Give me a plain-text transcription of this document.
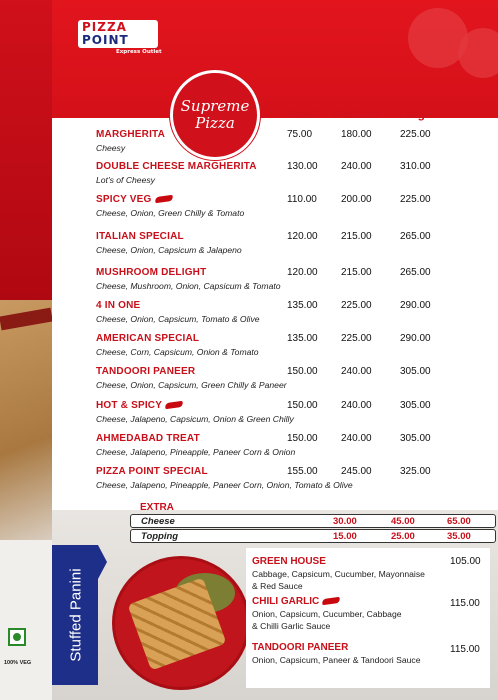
PIZZA
POINT
Express Outlet
Supreme
Pizza	Small Medium Large
MARGHERITA
Cheesy
75.00	180.00	225.00
DOUBLE CHEESE MARGHERITA
Lot's of Cheesy
130.00 240.00	310.00
SPICY VEG
Cheese, Onion, Green Chilly & Tomato
110.00 200.00	225.00
ITALIAN SPECIAL
Cheese, Onion, Capsicum & Jalapeno
120.00 215.00	265.00
MUSHROOM DELIGHT
Cheese, Mushroom, Onion, Capsicum & Tomato
120.00 215.00	265.00
4 IN ONE
Cheese, Onion, Capsicum, Tomato & Olive
135.00 225.00	290.00
AMERICAN SPECIAL
Cheese, Corn, Capsicum, Onion & Tomato
135.00 225.00	290.00
TANDOORI PANEER
Cheese, Onion, Capsicum, Green Chilly & Paneer
150.00 240.00	305.00
HOT & SPICY
Cheese, Jalapeno, Capsicum, Onion & Green Chilly
150.00 240.00	305.00
AHMEDABAD TREAT
Cheese, Jalapeno, Pineapple, Paneer Corn & Onion
150.00 240.00	305.00
PIZZA POINT SPECIAL
Cheese, Jalapeno, Pineapple, Paneer Corn, Onion, Tomato & Olive
155.00 245.00	325.00
EXTRA
Cheese	30.00	45.00	65.00
Topping	15.00	25.00	35.00
Stuffed Panini
GREEN HOUSE
Cabbage, Capsicum, Cucumber, Mayonnaise
& Red Sauce
105.00
CHILI GARLIC
Onion, Capsicum, Cucumber, Cabbage
& Chilli Garlic Sauce
115.00
TANDOORI PANEER
Onion, Capsicum, Paneer & Tandoori Sauce
115.00
100% VEG
